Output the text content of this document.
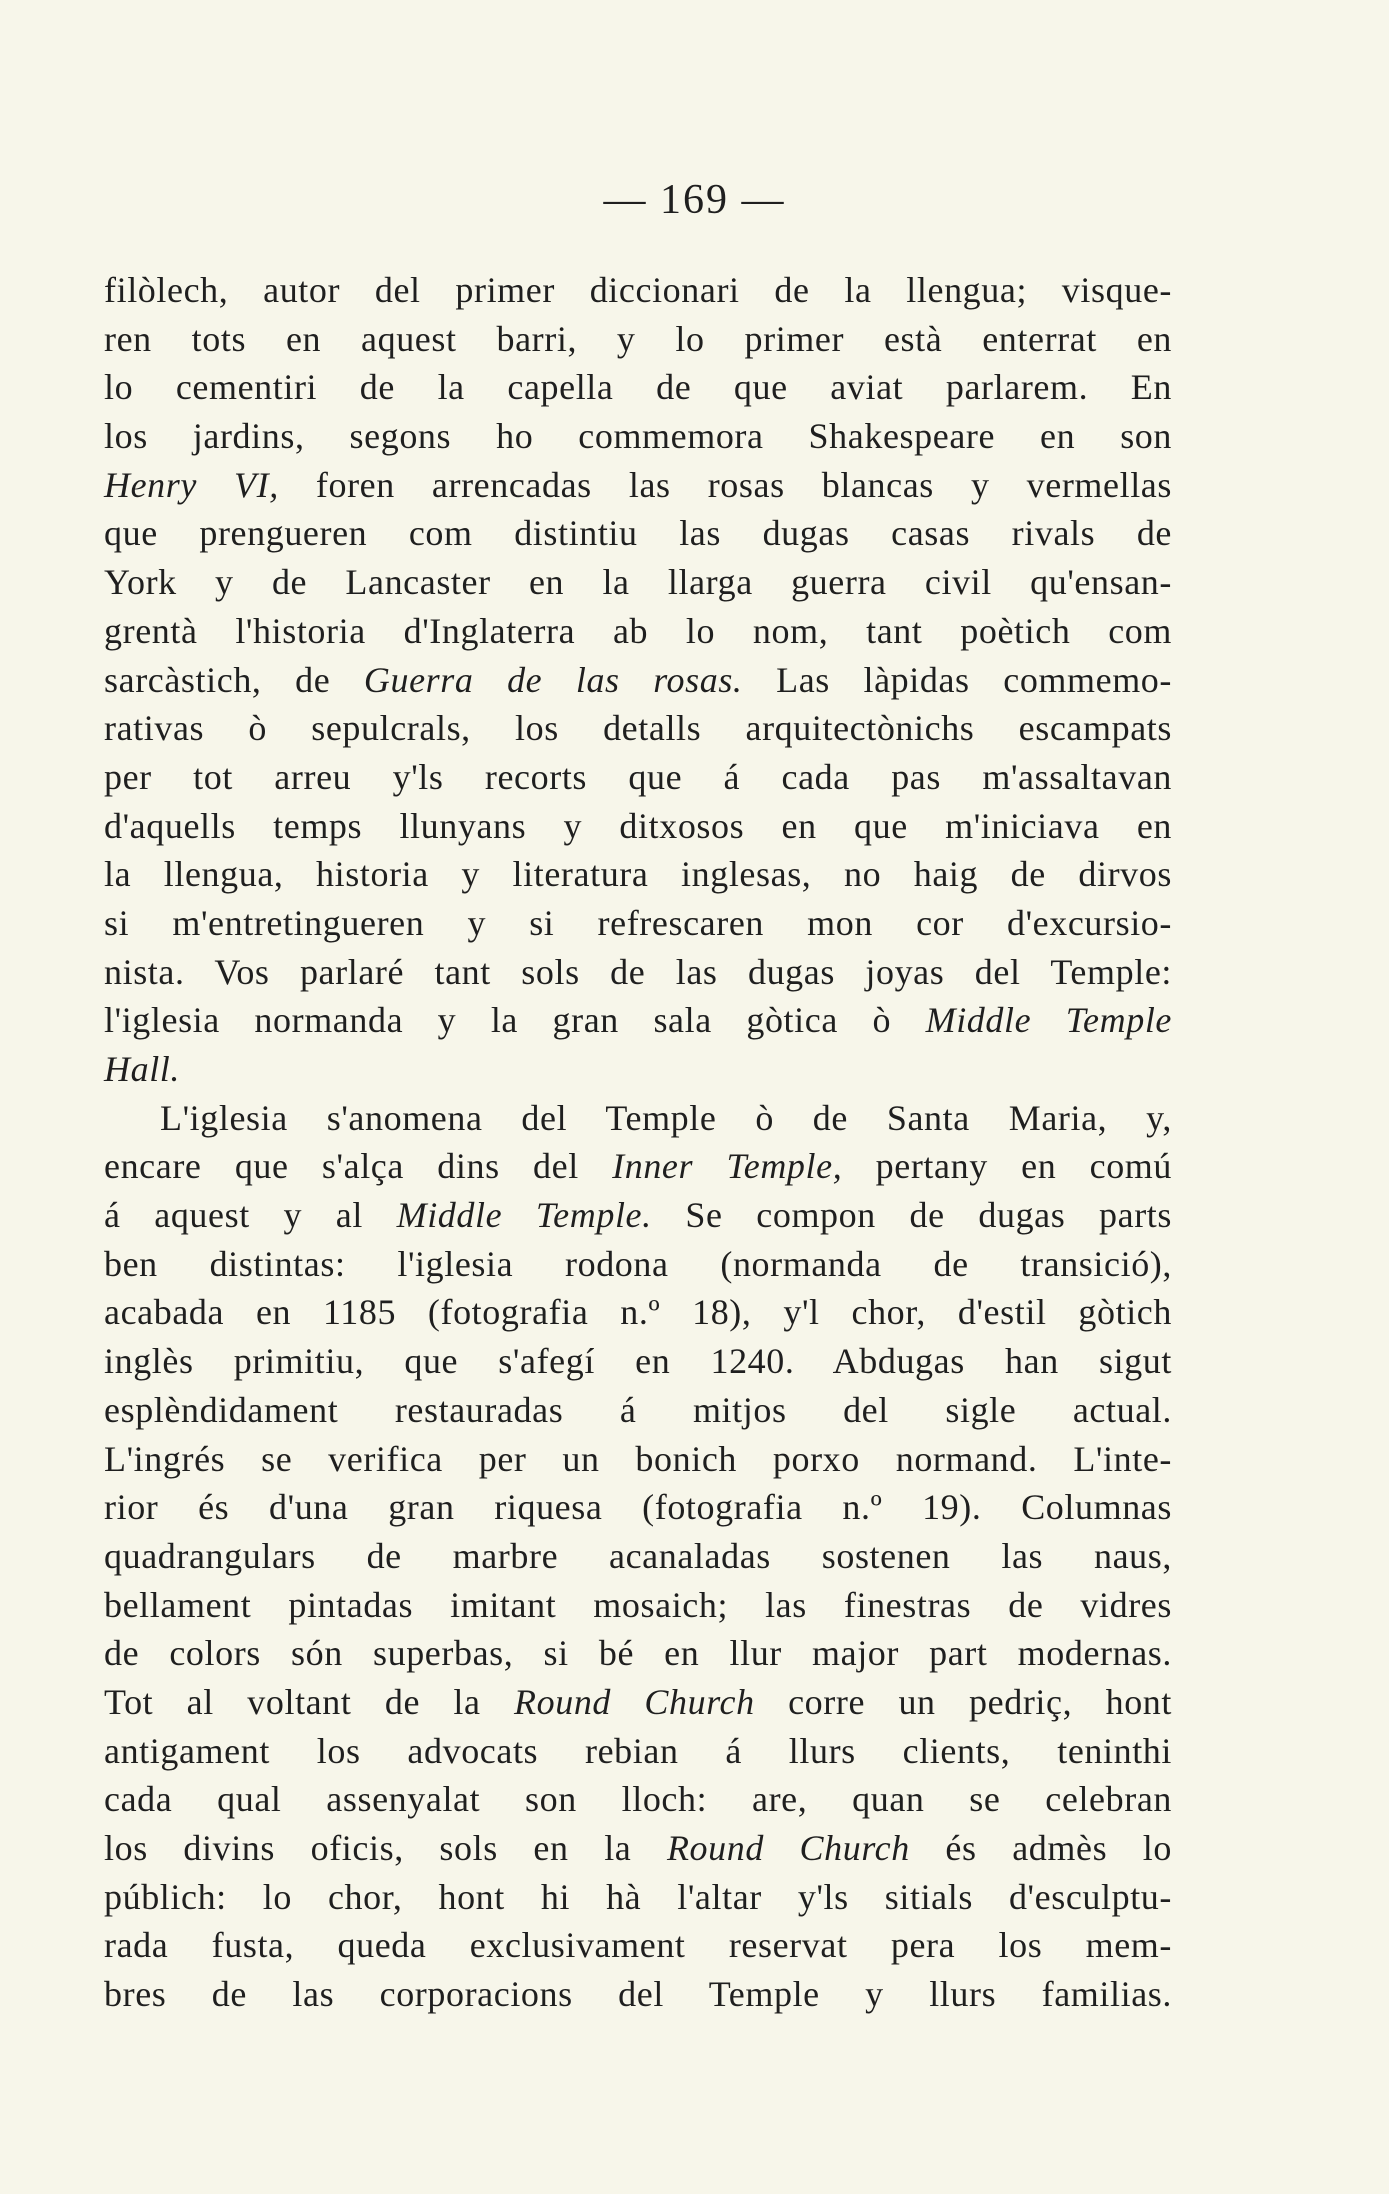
— 169 —
filòlech, autor del primer diccionari de la llengua; visque-
ren tots en aquest barri, y lo primer està enterrat en
lo cementiri de la capella de que aviat parlarem. En
los jardins, segons ho commemora Shakespeare en son
Henry VI, foren arrencadas las rosas blancas y vermellas
que prengueren com distintiu las dugas casas rivals de
York y de Lancaster en la llarga guerra civil qu'ensan-
grentà l'historia d'Inglaterra ab lo nom, tant poètich com
sarcàstich, de Guerra de las rosas. Las làpidas commemo-
rativas ò sepulcrals, los detalls arquitectònichs escampats
per tot arreu y'ls recorts que á cada pas m'assaltavan
d'aquells temps llunyans y ditxosos en que m'iniciava en
la llengua, historia y literatura inglesas, no haig de dirvos
si m'entretingueren y si refrescaren mon cor d'excursio-
nista. Vos parlaré tant sols de las dugas joyas del Temple:
l'iglesia normanda y la gran sala gòtica ò Middle Temple
Hall.
L'iglesia s'anomena del Temple ò de Santa Maria, y,
encare que s'alça dins del Inner Temple, pertany en comú
á aquest y al Middle Temple. Se compon de dugas parts
ben distintas: l'iglesia rodona (normanda de transició),
acabada en 1185 (fotografia n.º 18), y'l chor, d'estil gòtich
inglès primitiu, que s'afegí en 1240. Abdugas han sigut
esplèndidament restauradas á mitjos del sigle actual.
L'ingrés se verifica per un bonich porxo normand. L'inte-
rior és d'una gran riquesa (fotografia n.º 19). Columnas
quadrangulars de marbre acanaladas sostenen las naus,
bellament pintadas imitant mosaich; las finestras de vidres
de colors són superbas, si bé en llur major part modernas.
Tot al voltant de la Round Church corre un pedriç, hont
antigament los advocats rebian á llurs clients, teninthi
cada qual assenyalat son lloch: are, quan se celebran
los divins oficis, sols en la Round Church és admès lo
públich: lo chor, hont hi hà l'altar y'ls sitials d'esculptu-
rada fusta, queda exclusivament reservat pera los mem-
bres de las corporacions del Temple y llurs familias.
